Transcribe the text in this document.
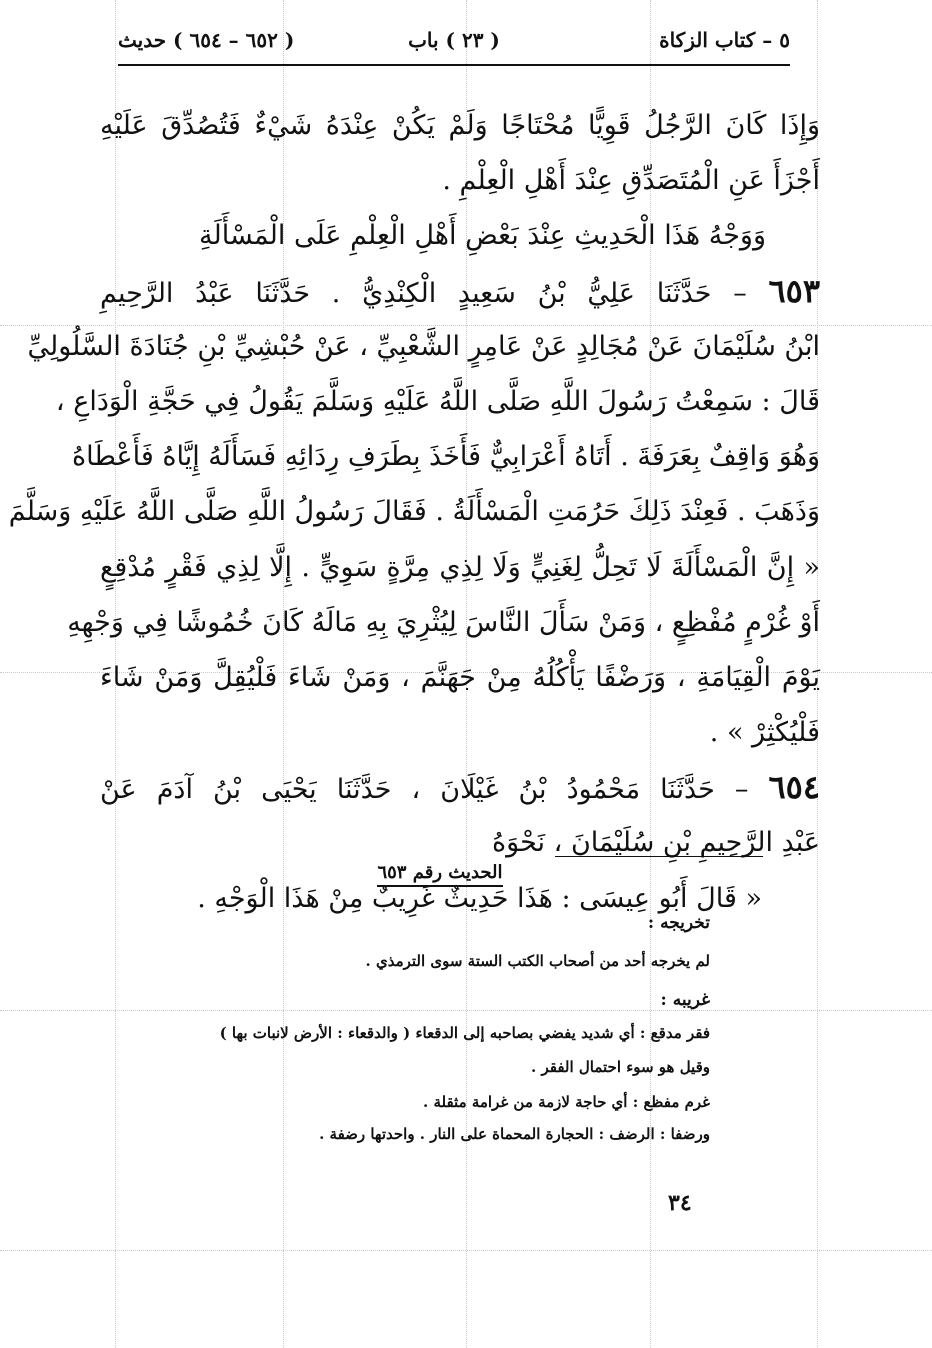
٥ – كتاب الزكاة
( ٢٣ ) باب
( ٦٥٢ – ٦٥٤ ) حديث
وَإِذَا كَانَ الرَّجُلُ قَوِيًّا مُحْتَاجًا وَلَمْ يَكُنْ عِنْدَهُ شَيْءٌ فَتُصُدِّقَ عَلَيْهِ
أَجْزَأَ عَنِ الْمُتَصَدِّقِ عِنْدَ أَهْلِ الْعِلْمِ .
وَوَجْهُ هَذَا الْحَدِيثِ عِنْدَ بَعْضِ أَهْلِ الْعِلْمِ عَلَى الْمَسْأَلَةِ
٦٥٣ – حَدَّثَنَا عَلِيُّ بْنُ سَعِيدٍ الْكِنْدِيُّ . حَدَّثَنَا عَبْدُ الرَّحِيمِ
ابْنُ سُلَيْمَانَ عَنْ مُجَالِدٍ عَنْ عَامِرٍ الشَّعْبِيِّ ، عَنْ حُبْشِيِّ بْنِ جُنَادَةَ السَّلُولِيِّ
قَالَ : سَمِعْتُ رَسُولَ اللَّهِ صَلَّى اللَّهُ عَلَيْهِ وَسَلَّمَ يَقُولُ فِي حَجَّةِ الْوَدَاعِ ،
وَهُوَ وَاقِفٌ بِعَرَفَةَ . أَتَاهُ أَعْرَابِيٌّ فَأَخَذَ بِطَرَفِ رِدَائِهِ فَسَأَلَهُ إِيَّاهُ فَأَعْطَاهُ
وَذَهَبَ . فَعِنْدَ ذَلِكَ حَرُمَتِ الْمَسْأَلَةُ . فَقَالَ رَسُولُ اللَّهِ صَلَّى اللَّهُ عَلَيْهِ وَسَلَّمَ
« إِنَّ الْمَسْأَلَةَ لَا تَحِلُّ لِغَنِيٍّ وَلَا لِذِي مِرَّةٍ سَوِيٍّ . إِلَّا لِذِي فَقْرٍ مُدْقِعٍ
أَوْ غُرْمٍ مُفْظِعٍ ، وَمَنْ سَأَلَ النَّاسَ لِيُثْرِيَ بِهِ مَالَهُ كَانَ خُمُوشًا فِي وَجْهِهِ
يَوْمَ الْقِيَامَةِ ، وَرَضْفًا يَأْكُلُهُ مِنْ جَهَنَّمَ ، وَمَنْ شَاءَ فَلْيُقِلَّ وَمَنْ شَاءَ
فَلْيُكْثِرْ » .
٦٥٤ – حَدَّثَنَا مَحْمُودُ بْنُ غَيْلَانَ ، حَدَّثَنَا يَحْيَى بْنُ آدَمَ عَنْ
عَبْدِ الرَّحِيمِ بْنِ سُلَيْمَانَ ، نَحْوَهُ
« قَالَ أَبُو عِيسَى : هَذَا حَدِيثٌ غَرِيبٌ مِنْ هَذَا الْوَجْهِ .
الحديث رقم ٦٥٣
تخريجه :
لم يخرجه أحد من أصحاب الكتب الستة سوى الترمذي .
غريبه :
فقر مدقع : أي شديد يفضي بصاحبه إلى الدقعاء ( والدقعاء : الأرض لانبات بها )
وقيل هو سوء احتمال الفقر .
غرم مفظع : أي حاجة لازمة من غرامة مثقلة .
ورضفا : الرضف : الحجارة المحماة على النار . واحدتها رضفة .
٣٤
